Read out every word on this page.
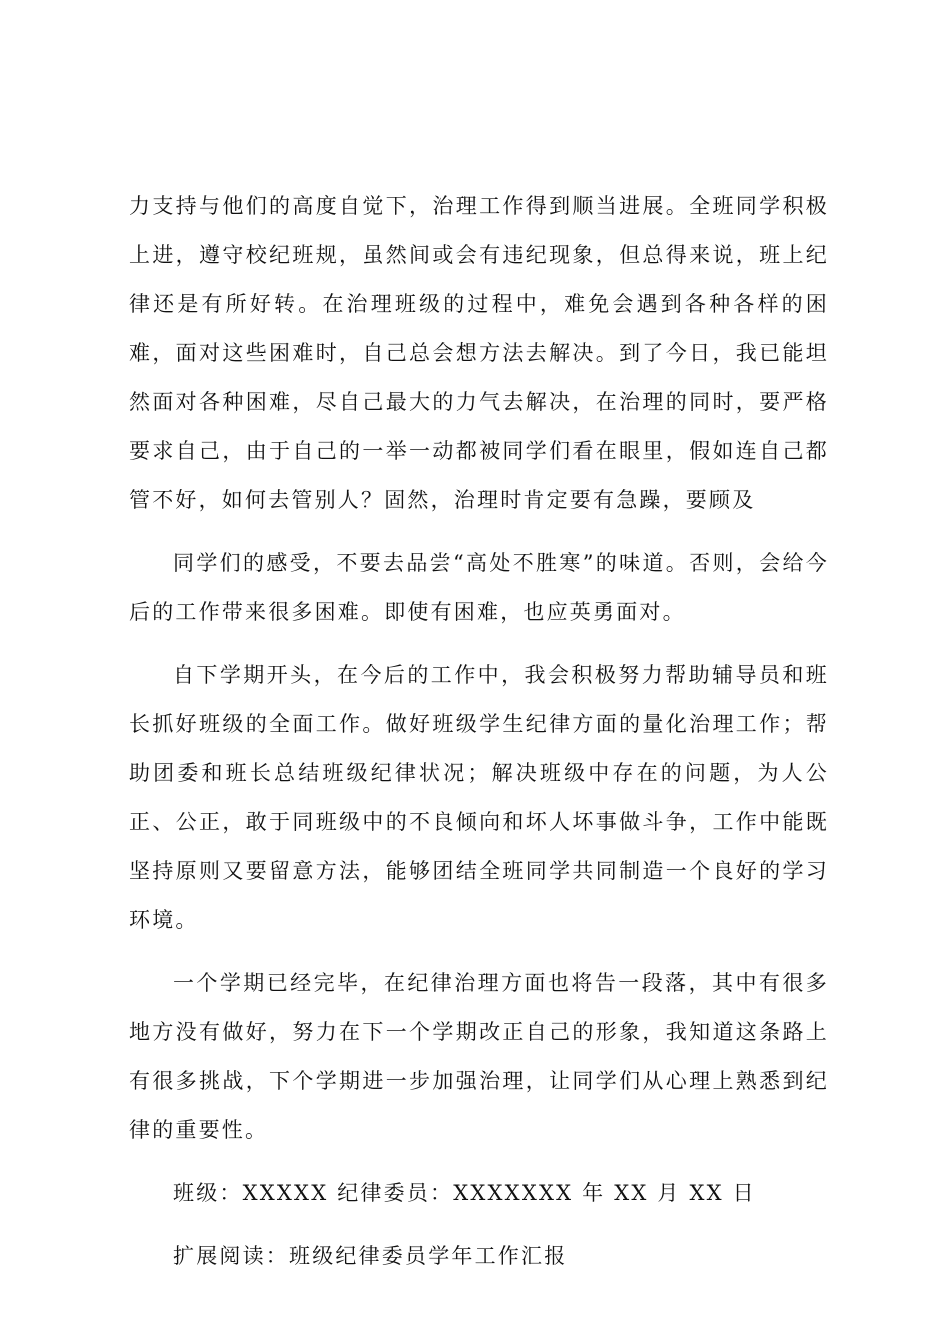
力支持与他们的高度自觉下，治理工作得到顺当进展。全班同学积极上进，遵守校纪班规，虽然间或会有违纪现象，但总得来说，班上纪律还是有所好转。在治理班级的过程中，难免会遇到各种各样的困难，面对这些困难时，自己总会想方法去解决。到了今日，我已能坦然面对各种困难，尽自己最大的力气去解决，在治理的同时，要严格要求自己，由于自己的一举一动都被同学们看在眼里，假如连自己都管不好，如何去管别人？固然，治理时肯定要有急躁，要顾及

同学们的感受，不要去品尝“高处不胜寒”的味道。否则，会给今后的工作带来很多困难。即使有困难，也应英勇面对。

自下学期开头，在今后的工作中，我会积极努力帮助辅导员和班长抓好班级的全面工作。做好班级学生纪律方面的量化治理工作；帮助团委和班长总结班级纪律状况；解决班级中存在的问题，为人公正、公正，敢于同班级中的不良倾向和坏人坏事做斗争，工作中能既坚持原则又要留意方法，能够团结全班同学共同制造一个良好的学习环境。

一个学期已经完毕，在纪律治理方面也将告一段落，其中有很多地方没有做好，努力在下一个学期改正自己的形象，我知道这条路上有很多挑战，下个学期进一步加强治理，让同学们从心理上熟悉到纪律的重要性。

班级：XXXXX 纪律委员：XXXXXXX 年 XX 月 XX 日

扩展阅读：班级纪律委员学年工作汇报
